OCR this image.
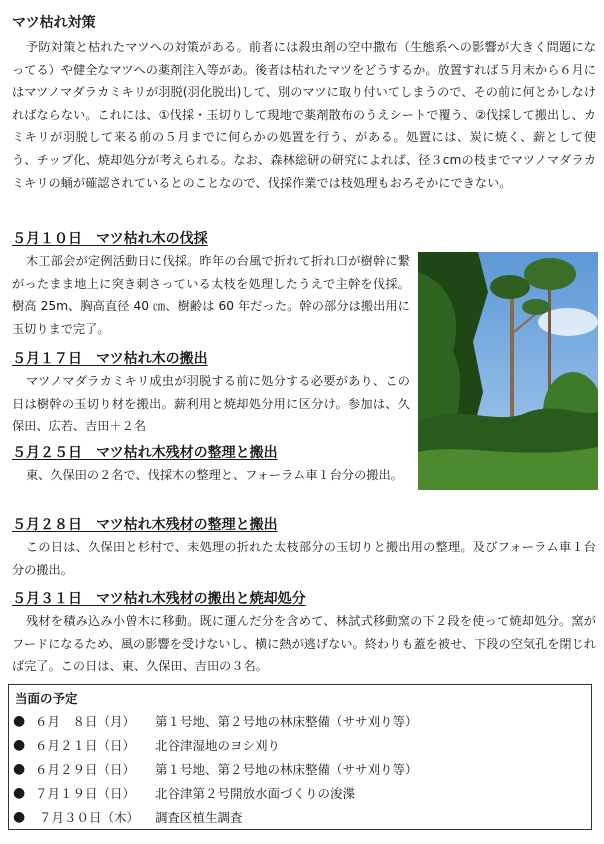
マツ枯れ対策

予防対策と枯れたマツへの対策がある。前者には殺虫剤の空中撒布（生態系への影響が大きく問題になってる）や健全なマツへの薬剤注入等があ。後者は枯れたマツをどうするか。放置すれば５月末から６月にはマツノマダラカミキリが羽脱(羽化脱出)して、別のマツに取り付いてしまうので、その前に何とかしなければならない。これには、①伐採・玉切りして現地で薬剤散布のうえシートで覆う、②伐採して搬出し、カミキリが羽脱して来る前の５月までに何らかの処置を行う、がある。処置には、炭に焼く、薪として使う、チップ化、焼却処分が考えられる。なお、森林総研の研究によれば、径３cmの枝までマツノマダラカミキリの蛹が確認されているとのことなので、伐採作業では枝処理もおろそかにできない。

５月１０日　マツ枯れ木の伐採

木工部会が定例活動日に伐採。昨年の台風で折れて折れ口が樹幹に繋がったまま地上に突き刺さっている太枝を処理したうえで主幹を伐採。樹高 25m、胸高直径 40 ㎝、樹齢は 60 年だった。幹の部分は搬出用に玉切りまで完了。

５月１７日　マツ枯れ木の搬出

マツノマダラカミキリ成虫が羽脱する前に処分する必要があり、この日は樹幹の玉切り材を搬出。薪利用と焼却処分用に区分け。参加は、久保田、広若、吉田＋２名

５月２５日　マツ枯れ木残材の整理と搬出

東、久保田の２名で、伐採木の整理と、フォーラム車１台分の搬出。

５月２８日　マツ枯れ木残材の整理と搬出

この日は、久保田と杉村で、未処理の折れた太枝部分の玉切りと搬出用の整理。及びフォーラム車１台分の搬出。

５月３１日　マツ枯れ木残材の搬出と焼却処分

残材を積み込み小曽木に移動。既に運んだ分を含めて、林試式移動窯の下２段を使って焼却処分。窯がフードになるため、風の影響を受けないし、横に熱が逃げない。終わりも蓋を被せ、下段の空気孔を閉じれば完了。この日は、東、久保田、吉田の３名。

当面の予定
● ６月　８日（月）	第１号地、第２号地の林床整備（ササ刈り等）
● ６月２１日（日）	北谷津湿地のヨシ刈り
● ６月２９日（日）	第１号地、第２号地の林床整備（ササ刈り等）
● ７月１９日（日）	北谷津第２号開放水面づくりの浚渫
● ７月３０日（木）	調査区植生調査
